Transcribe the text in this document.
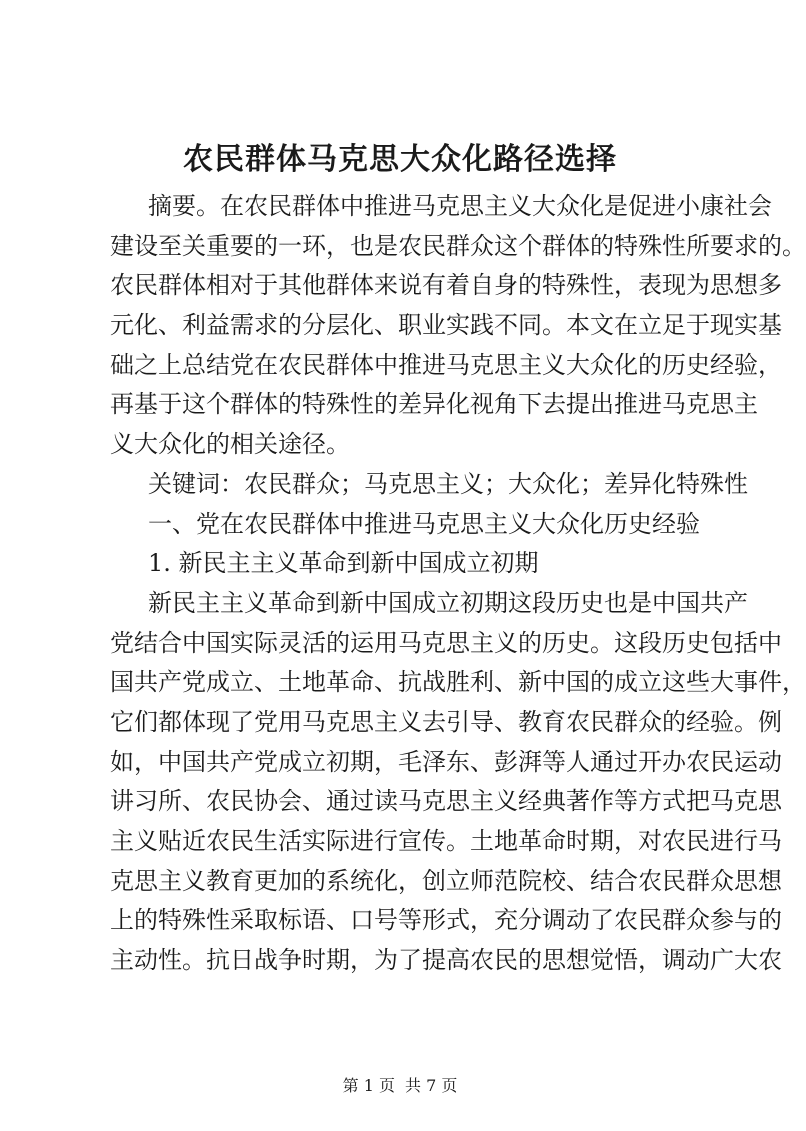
农民群体马克思大众化路径选择
摘要。在农民群体中推进马克思主义大众化是促进小康社会
建设至关重要的一环，也是农民群众这个群体的特殊性所要求的。
农民群体相对于其他群体来说有着自身的特殊性，表现为思想多
元化、利益需求的分层化、职业实践不同。本文在立足于现实基
础之上总结党在农民群体中推进马克思主义大众化的历史经验，
再基于这个群体的特殊性的差异化视角下去提出推进马克思主
义大众化的相关途径。
关键词：农民群众；马克思主义；大众化；差异化特殊性
一、党在农民群体中推进马克思主义大众化历史经验
1. 新民主主义革命到新中国成立初期
新民主主义革命到新中国成立初期这段历史也是中国共产
党结合中国实际灵活的运用马克思主义的历史。这段历史包括中
国共产党成立、土地革命、抗战胜利、新中国的成立这些大事件，
它们都体现了党用马克思主义去引导、教育农民群众的经验。例
如，中国共产党成立初期，毛泽东、彭湃等人通过开办农民运动
讲习所、农民协会、通过读马克思主义经典著作等方式把马克思
主义贴近农民生活实际进行宣传。土地革命时期，对农民进行马
克思主义教育更加的系统化，创立师范院校、结合农民群众思想
上的特殊性采取标语、口号等形式，充分调动了农民群众参与的
主动性。抗日战争时期，为了提高农民的思想觉悟，调动广大农
第 1 页 共 7 页
